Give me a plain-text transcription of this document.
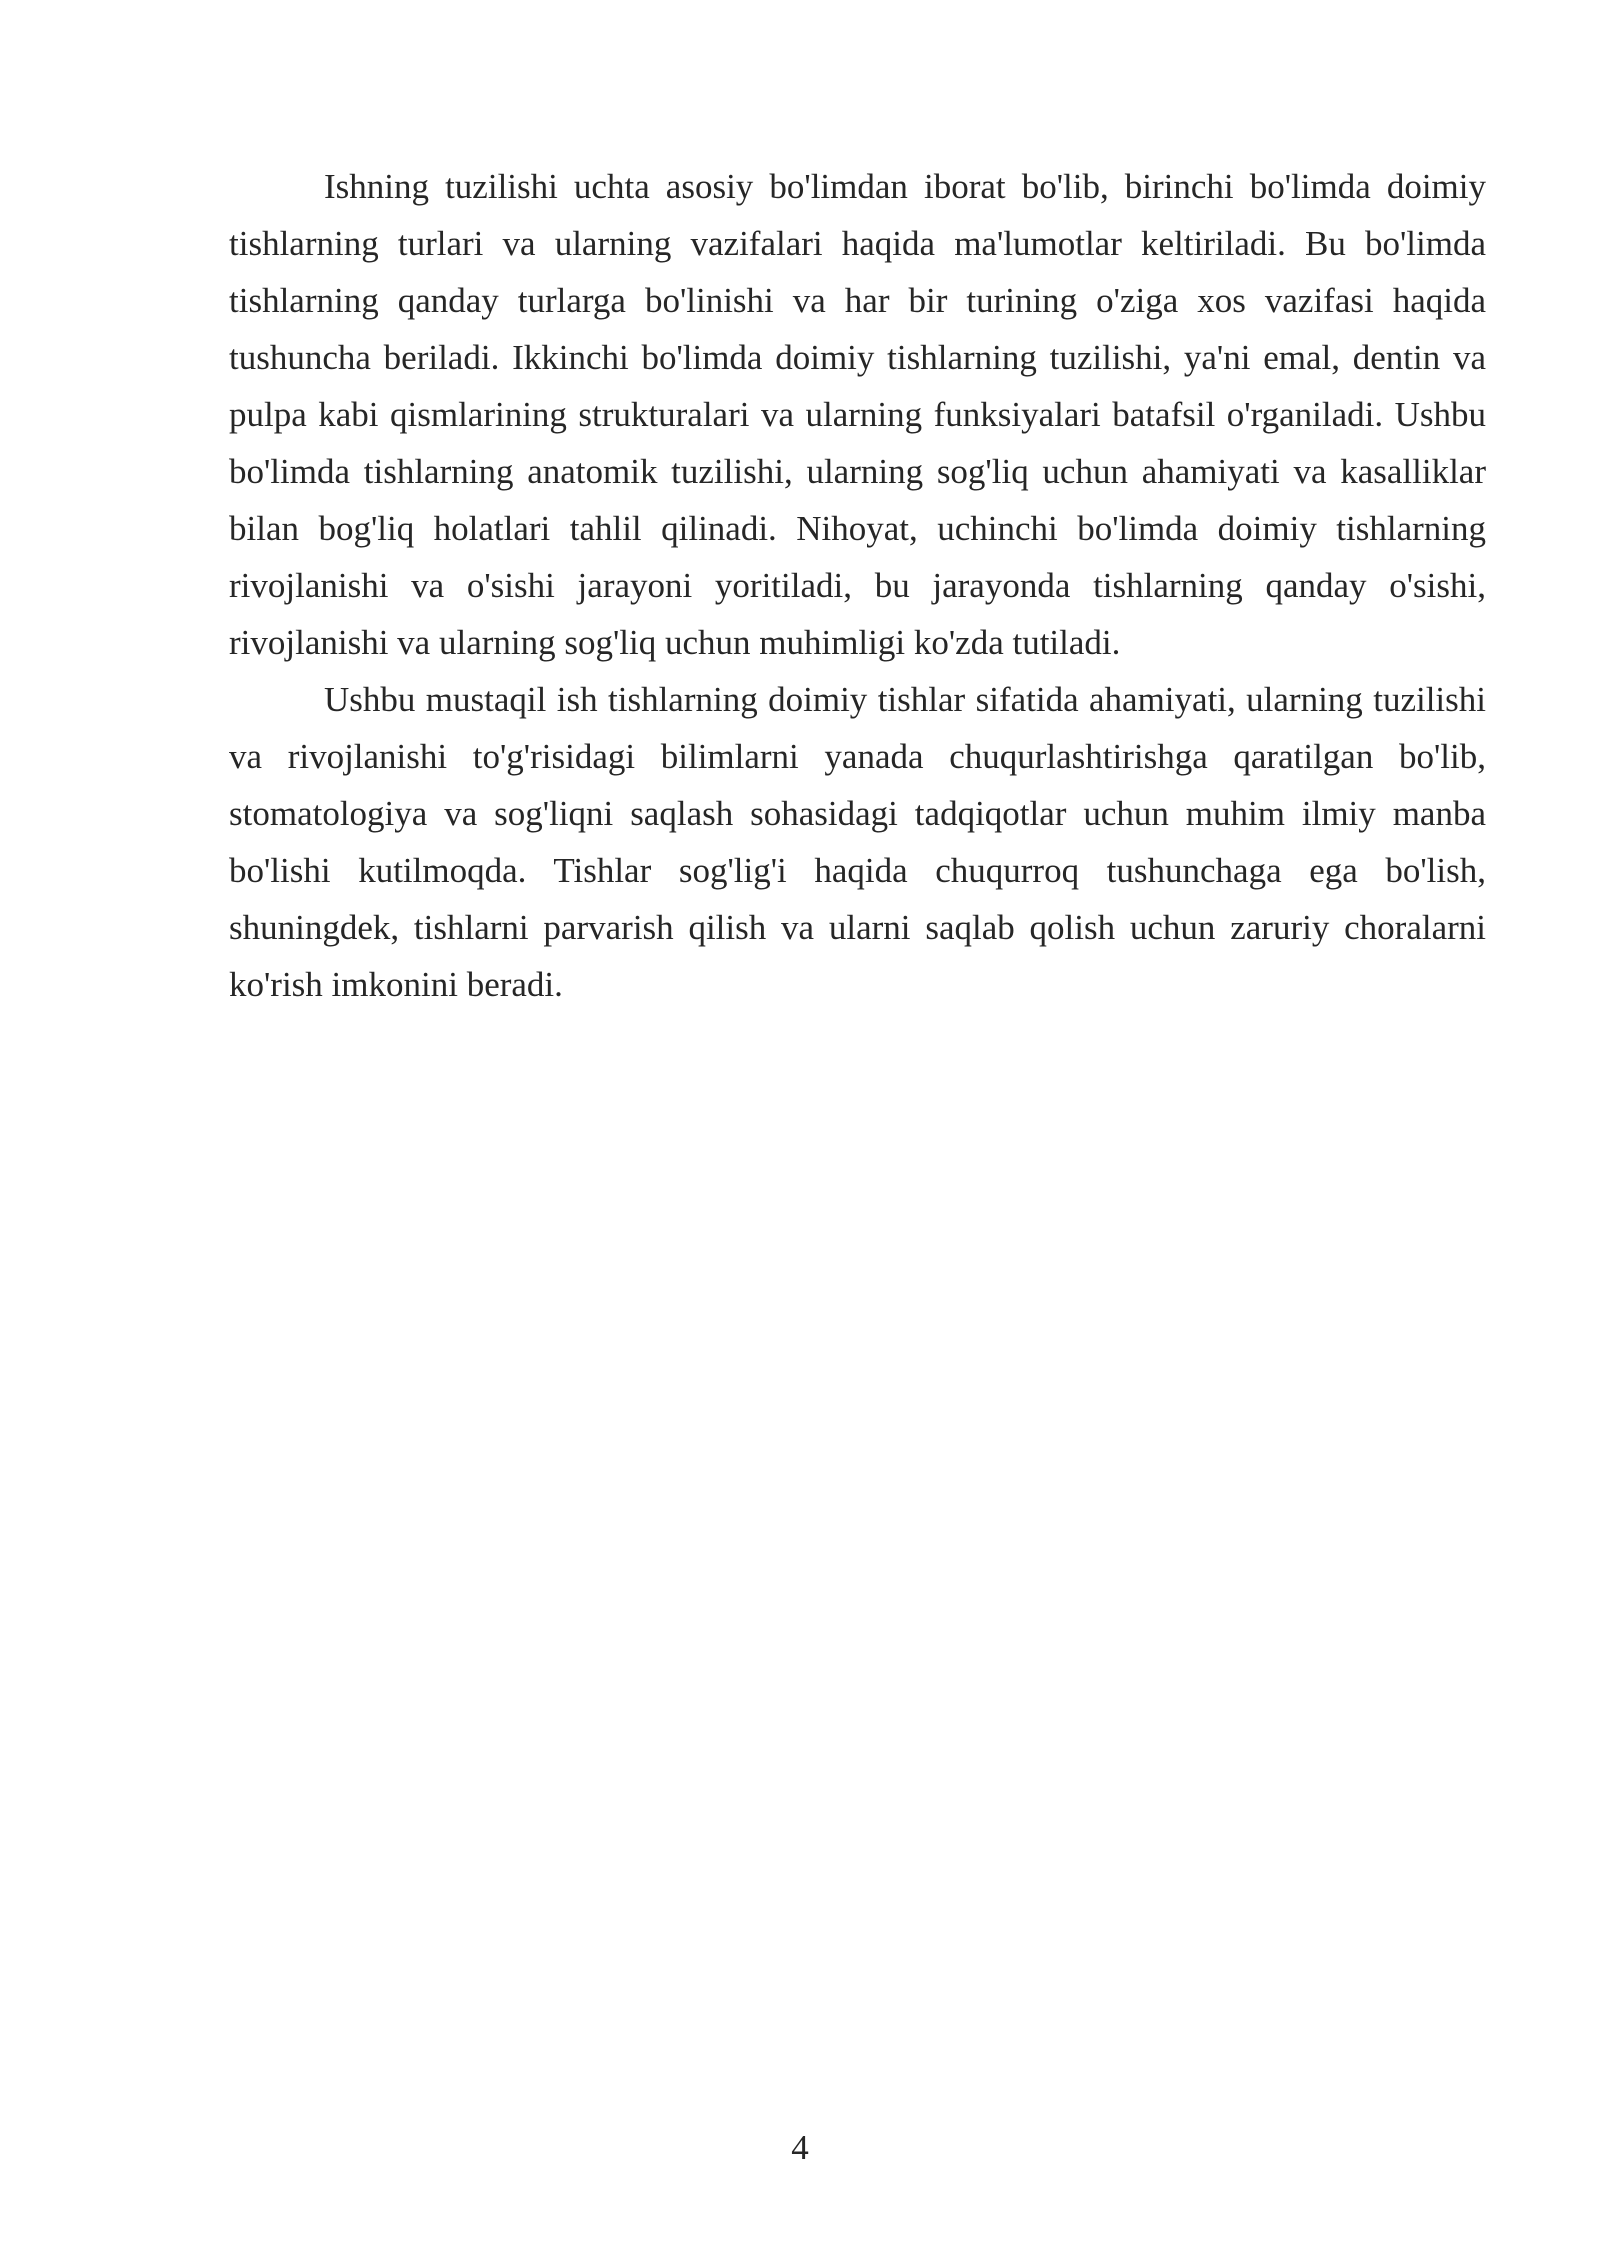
Ishning tuzilishi uchta asosiy bo'limdan iborat bo'lib, birinchi bo'limda doimiy tishlarning turlari va ularning vazifalari haqida ma'lumotlar keltiriladi. Bu bo'limda tishlarning qanday turlarga bo'linishi va har bir turining o'ziga xos vazifasi haqida tushuncha beriladi. Ikkinchi bo'limda doimiy tishlarning tuzilishi, ya'ni emal, dentin va pulpa kabi qismlarining strukturalari va ularning funksiyalari batafsil o'rganiladi. Ushbu bo'limda tishlarning anatomik tuzilishi, ularning sog'liq uchun ahamiyati va kasalliklar bilan bog'liq holatlari tahlil qilinadi. Nihoyat, uchinchi bo'limda doimiy tishlarning rivojlanishi va o'sishi jarayoni yoritiladi, bu jarayonda tishlarning qanday o'sishi, rivojlanishi va ularning sog'liq uchun muhimligi ko'zda tutiladi.

Ushbu mustaqil ish tishlarning doimiy tishlar sifatida ahamiyati, ularning tuzilishi va rivojlanishi to'g'risidagi bilimlarni yanada chuqurlashtirishga qaratilgan bo'lib, stomatologiya va sog'liqni saqlash sohasidagi tadqiqotlar uchun muhim ilmiy manba bo'lishi kutilmoqda. Tishlar sog'lig'i haqida chuqurroq tushunchaga ega bo'lish, shuningdek, tishlarni parvarish qilish va ularni saqlab qolish uchun zaruriy choralarni ko'rish imkonini beradi.

4
